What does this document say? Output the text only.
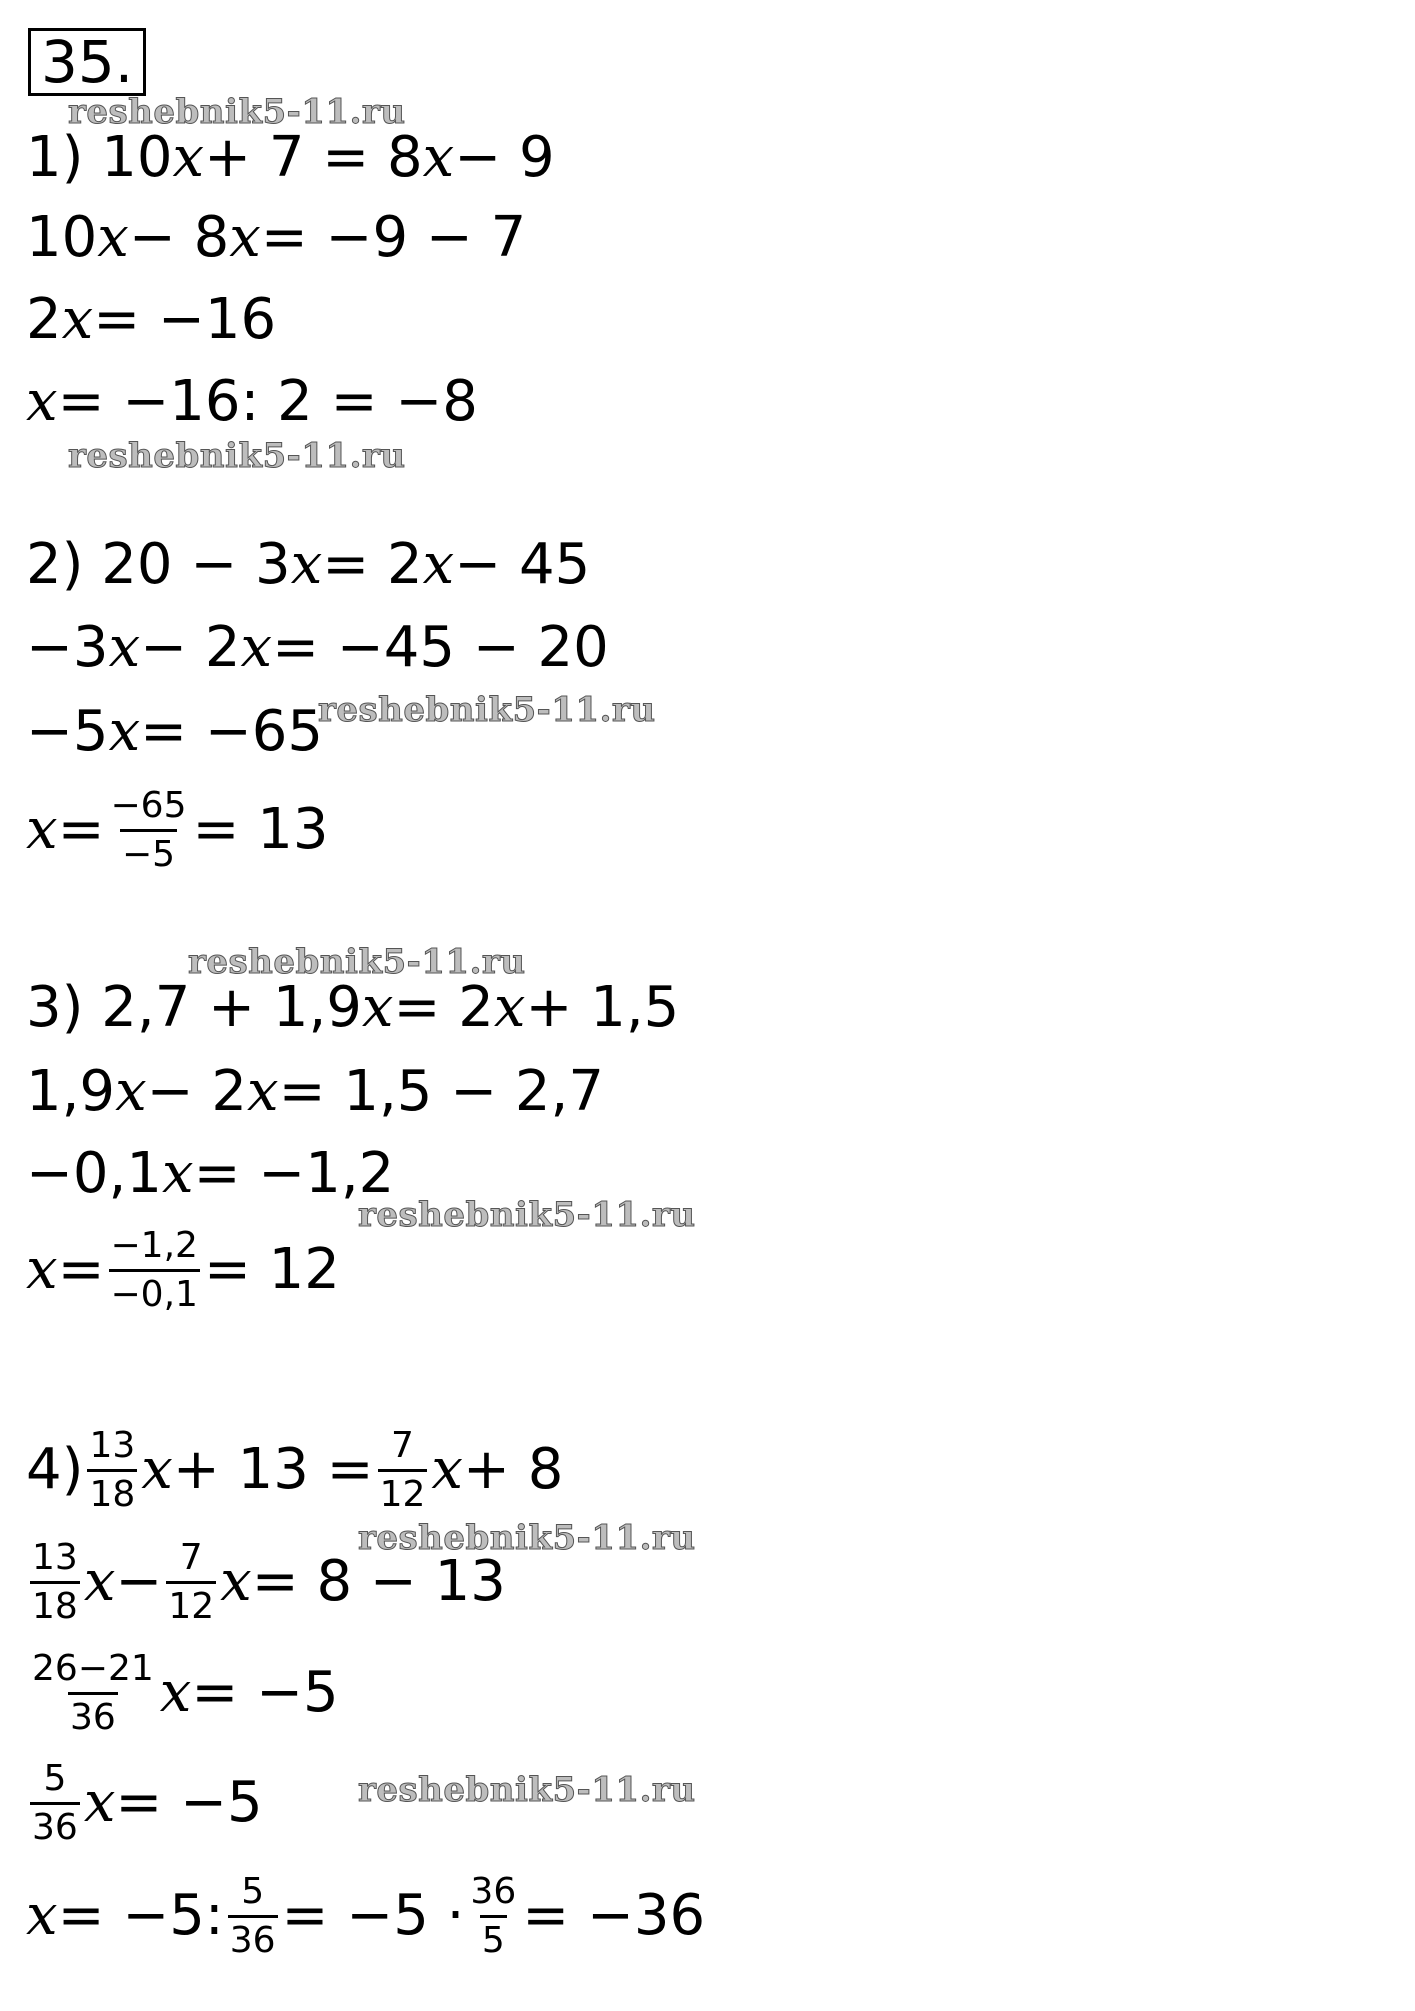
35.
1) 10 x + 7 = 8 x − 9
10 x − 8 x = −9 − 7
2 x = −16
x = −16: 2 = −8
2) 20 − 3 x = 2 x − 45
−3 x − 2 x = −45 − 20
−5 x = −65
$x = \frac{-65}{-5} = 13$
3) 2,7 + 1,9 x = 2 x + 1,5
1,9 x − 2 x = 1,5 − 2,7
−0,1 x = −1,2
$x = \frac{-1,2}{-0,1} = 12$
$4) \frac{13}{18}$ $x + 13 = \frac{7}{12}$ x + 8
$\frac{13}{18}$ $x - \frac{7}{12}$ x = 8 − 13
$\frac{26-21}{36}$ x = −5
$\frac{5}{36}$ x = −5
x = −5: $\frac{5}{36} = -5 \cdot \frac{36}{5} = -36$
reshebnik5-11.ru
reshebnik5-11.ru
reshebnik5-11.ru
reshebnik5-11.ru
reshebnik5-11.ru
reshebnik5-11.ru
reshebnik5-11.ru
